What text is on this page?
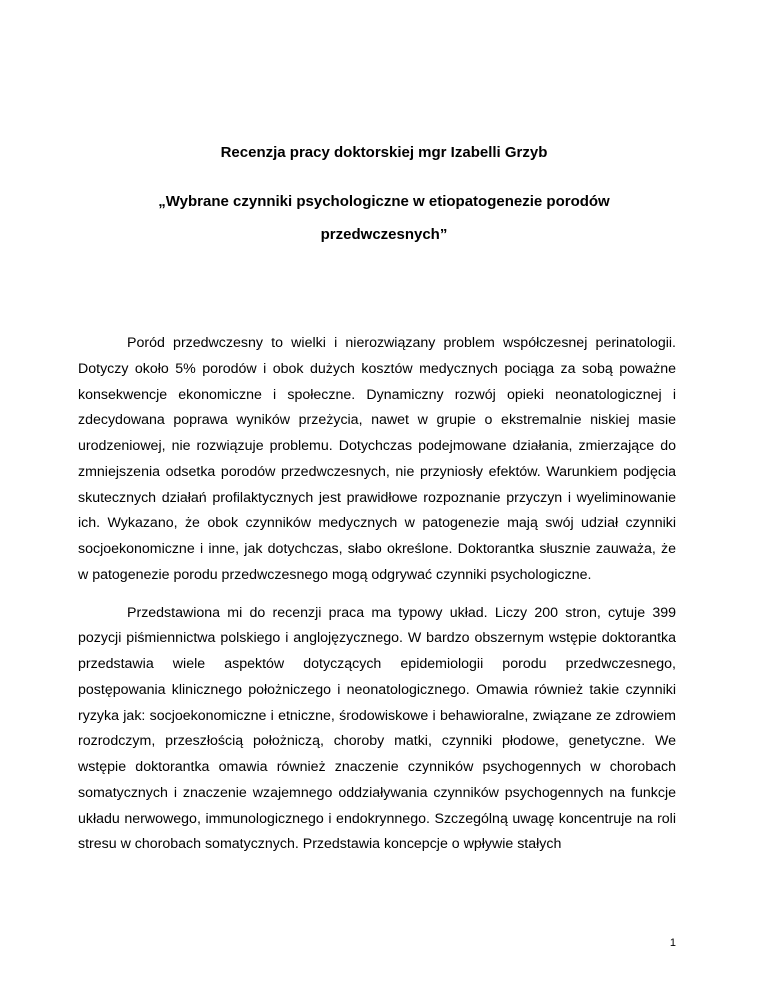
Recenzja pracy doktorskiej mgr Izabelli Grzyb

„Wybrane czynniki psychologiczne w etiopatogenezie porodów przedwczesnych”

Poród przedwczesny to wielki i nierozwiązany problem współczesnej perinatologii. Dotyczy około 5% porodów i obok dużych kosztów medycznych pociąga za sobą poważne konsekwencje ekonomiczne i społeczne. Dynamiczny rozwój opieki neonatologicznej i zdecydowana poprawa wyników przeżycia, nawet w grupie o ekstremalnie niskiej masie urodzeniowej, nie rozwiązuje problemu. Dotychczas podejmowane działania, zmierzające do zmniejszenia odsetka porodów przedwczesnych, nie przyniosły efektów. Warunkiem podjęcia skutecznych działań profilaktycznych jest prawidłowe rozpoznanie przyczyn i wyeliminowanie ich. Wykazano, że obok czynników medycznych w patogenezie mają swój udział czynniki socjoekonomiczne i inne, jak dotychczas, słabo określone. Doktorantka słusznie zauważa, że w patogenezie porodu przedwczesnego mogą odgrywać czynniki psychologiczne.

Przedstawiona mi do recenzji praca ma typowy układ. Liczy 200 stron, cytuje 399 pozycji piśmiennictwa polskiego i anglojęzycznego. W bardzo obszernym wstępie doktorantka przedstawia wiele aspektów dotyczących epidemiologii porodu przedwczesnego, postępowania klinicznego położniczego i neonatologicznego. Omawia również takie czynniki ryzyka jak: socjoekonomiczne i etniczne, środowiskowe i behawioralne, związane ze zdrowiem rozrodczym, przeszłością położniczą, choroby matki, czynniki płodowe, genetyczne. We wstępie doktorantka omawia również znaczenie czynników psychogennych w chorobach somatycznych i znaczenie wzajemnego oddziaływania czynników psychogennych na funkcje układu nerwowego, immunologicznego i endokrynnego. Szczególną uwagę koncentruje na roli stresu w chorobach somatycznych. Przedstawia koncepcje o wpływie stałych

1
